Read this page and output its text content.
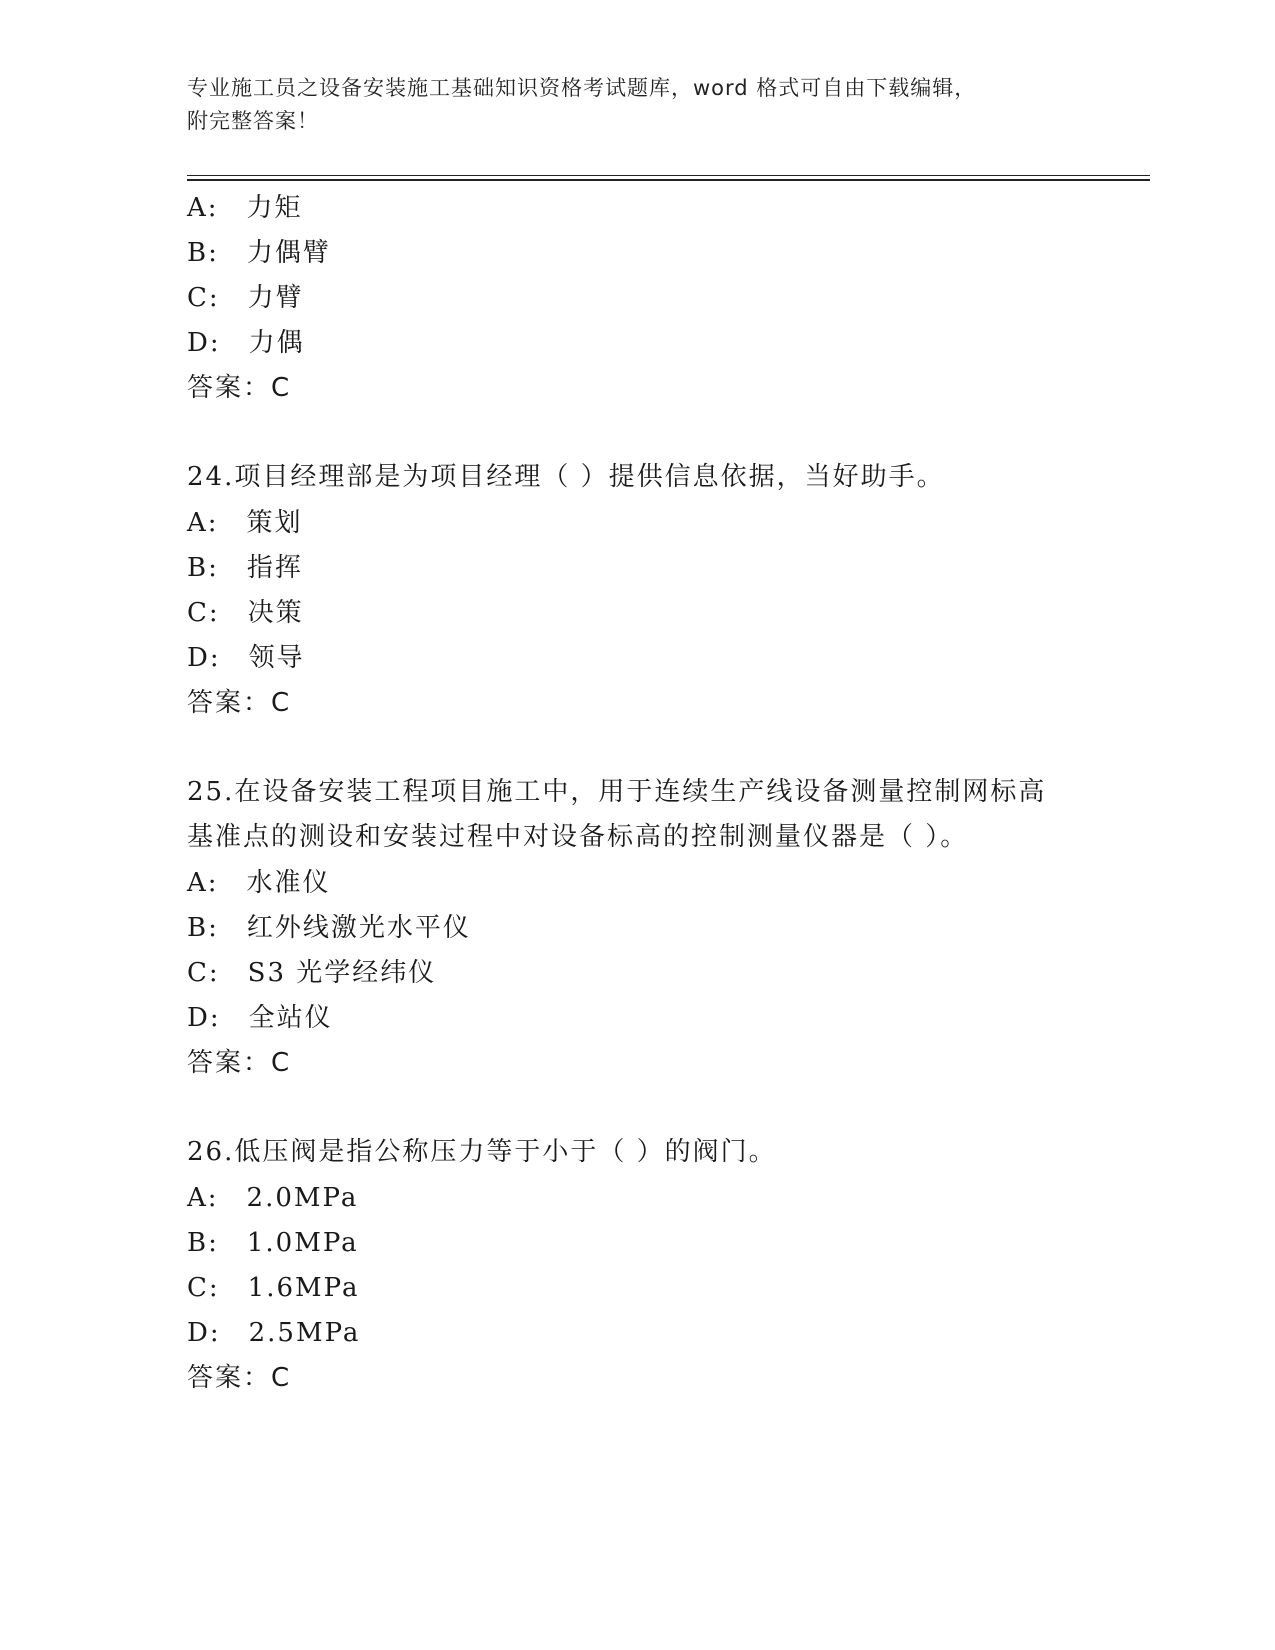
专业施工员之设备安装施工基础知识资格考试题库，word 格式可自由下载编辑，
附完整答案！
A: 力矩
B: 力偶臂
C: 力臂
D: 力偶
答案：C
24.项目经理部是为项目经理（ ）提供信息依据，当好助手。
A: 策划
B: 指挥
C: 决策
D: 领导
答案：C
25.在设备安装工程项目施工中，用于连续生产线设备测量控制网标高
基准点的测设和安装过程中对设备标高的控制测量仪器是（ ）。
A: 水准仪
B: 红外线激光水平仪
C: S3 光学经纬仪
D: 全站仪
答案：C
26.低压阀是指公称压力等于小于（ ）的阀门。
A: 2.0MPa
B: 1.0MPa
C: 1.6MPa
D: 2.5MPa
答案：C
